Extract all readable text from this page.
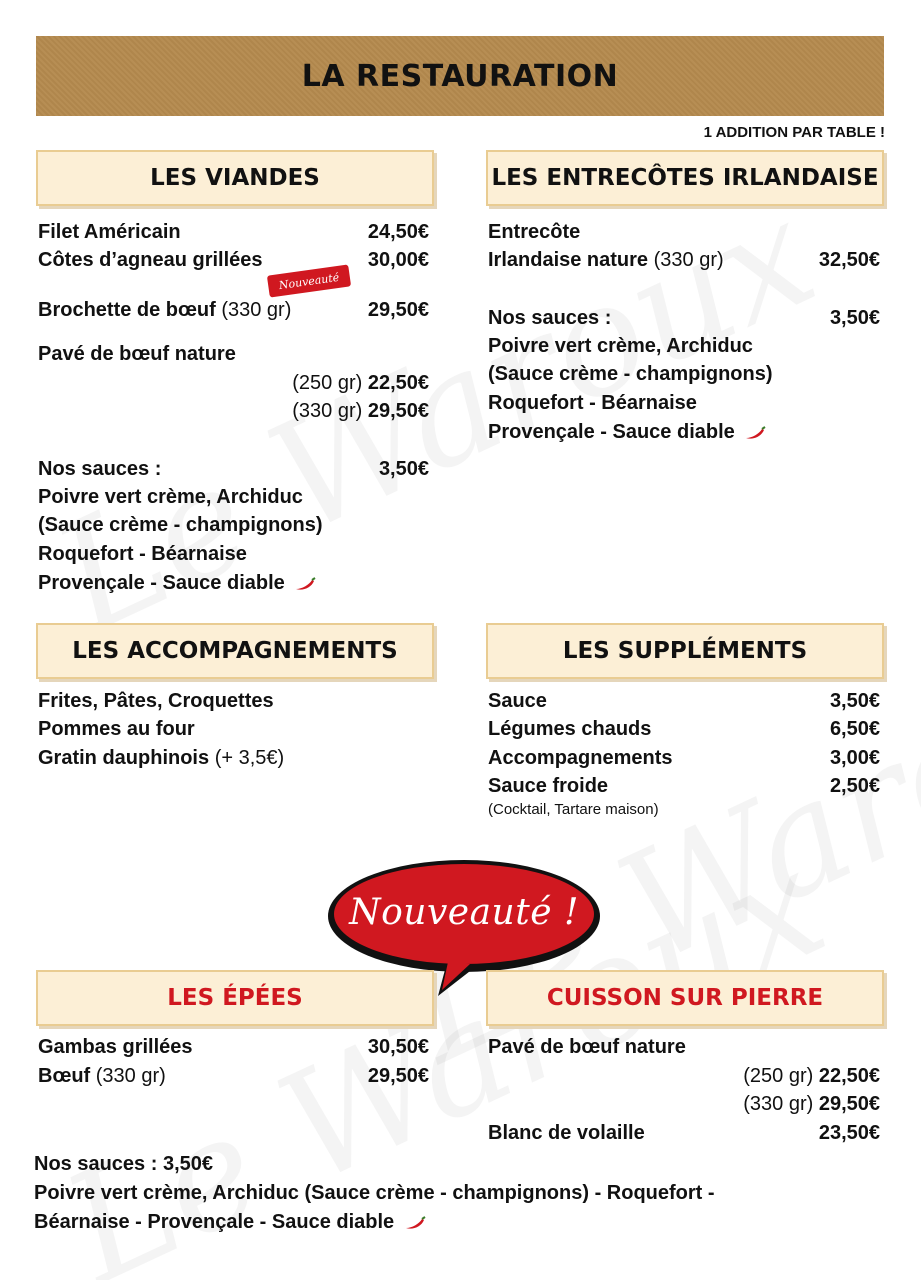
LA RESTAURATION
1 ADDITION PAR TABLE !
LES VIANDES
Filet Américain	24,50€
Côtes d’agneau grillées	30,00€
Nouveauté
Brochette de bœuf (330 gr)	29,50€
Pavé de bœuf nature
(250 gr) 22,50€
(330 gr) 29,50€
Nos sauces :	3,50€
Poivre vert crème, Archiduc
(Sauce crème - champignons)
Roquefort - Béarnaise
Provençale - Sauce diable
LES ENTRECÔTES IRLANDAISE
Entrecôte
Irlandaise nature (330 gr)	32,50€
Nos sauces :	3,50€
Poivre vert crème, Archiduc
(Sauce crème - champignons)
Roquefort - Béarnaise
Provençale - Sauce diable
LES ACCOMPAGNEMENTS
Frites, Pâtes, Croquettes
Pommes au four
Gratin dauphinois (+ 3,5€)
LES SUPPLÉMENTS
Sauce	3,50€
Légumes chauds	6,50€
Accompagnements	3,00€
Sauce froide	2,50€
(Cocktail, Tartare maison)
Nouveauté !
LES ÉPÉES
Gambas grillées	30,50€
Bœuf (330 gr)	29,50€
CUISSON SUR PIERRE
Pavé de bœuf nature
(250 gr) 22,50€
(330 gr) 29,50€
Blanc de volaille	23,50€
Nos sauces : 3,50€
Poivre vert crème, Archiduc (Sauce crème - champignons) - Roquefort -
Béarnaise - Provençale - Sauce diable
